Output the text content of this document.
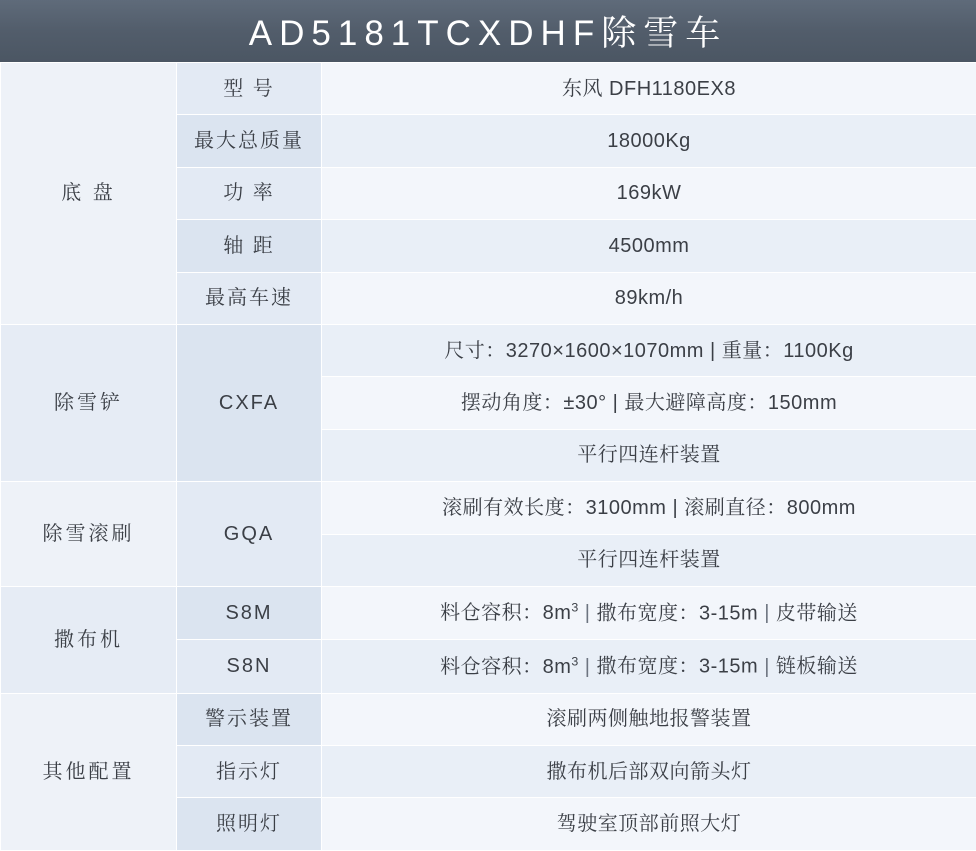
AD5181TCXDHF除雪车
底 盘	型 号	东风 DFH1180EX8
	最大总质量	18000Kg
	功 率	169kW
	轴 距	4500mm
	最高车速	89km/h
除雪铲	CXFA	尺寸：3270×1600×1070mm | 重量：1100Kg
		摆动角度：±30° | 最大避障高度：150mm
		平行四连杆装置
除雪滚刷	GQA	滚刷有效长度：3100mm | 滚刷直径：800mm
		平行四连杆装置
撒布机	S8M	料仓容积：$8m^3$ | 撒布宽度：3-15m | 皮带输送
	S8N	料仓容积：$8m^3$ | 撒布宽度：3-15m | 链板输送
其他配置	警示装置	滚刷两侧触地报警装置
	指示灯	撒布机后部双向箭头灯
	照明灯	驾驶室顶部前照大灯
